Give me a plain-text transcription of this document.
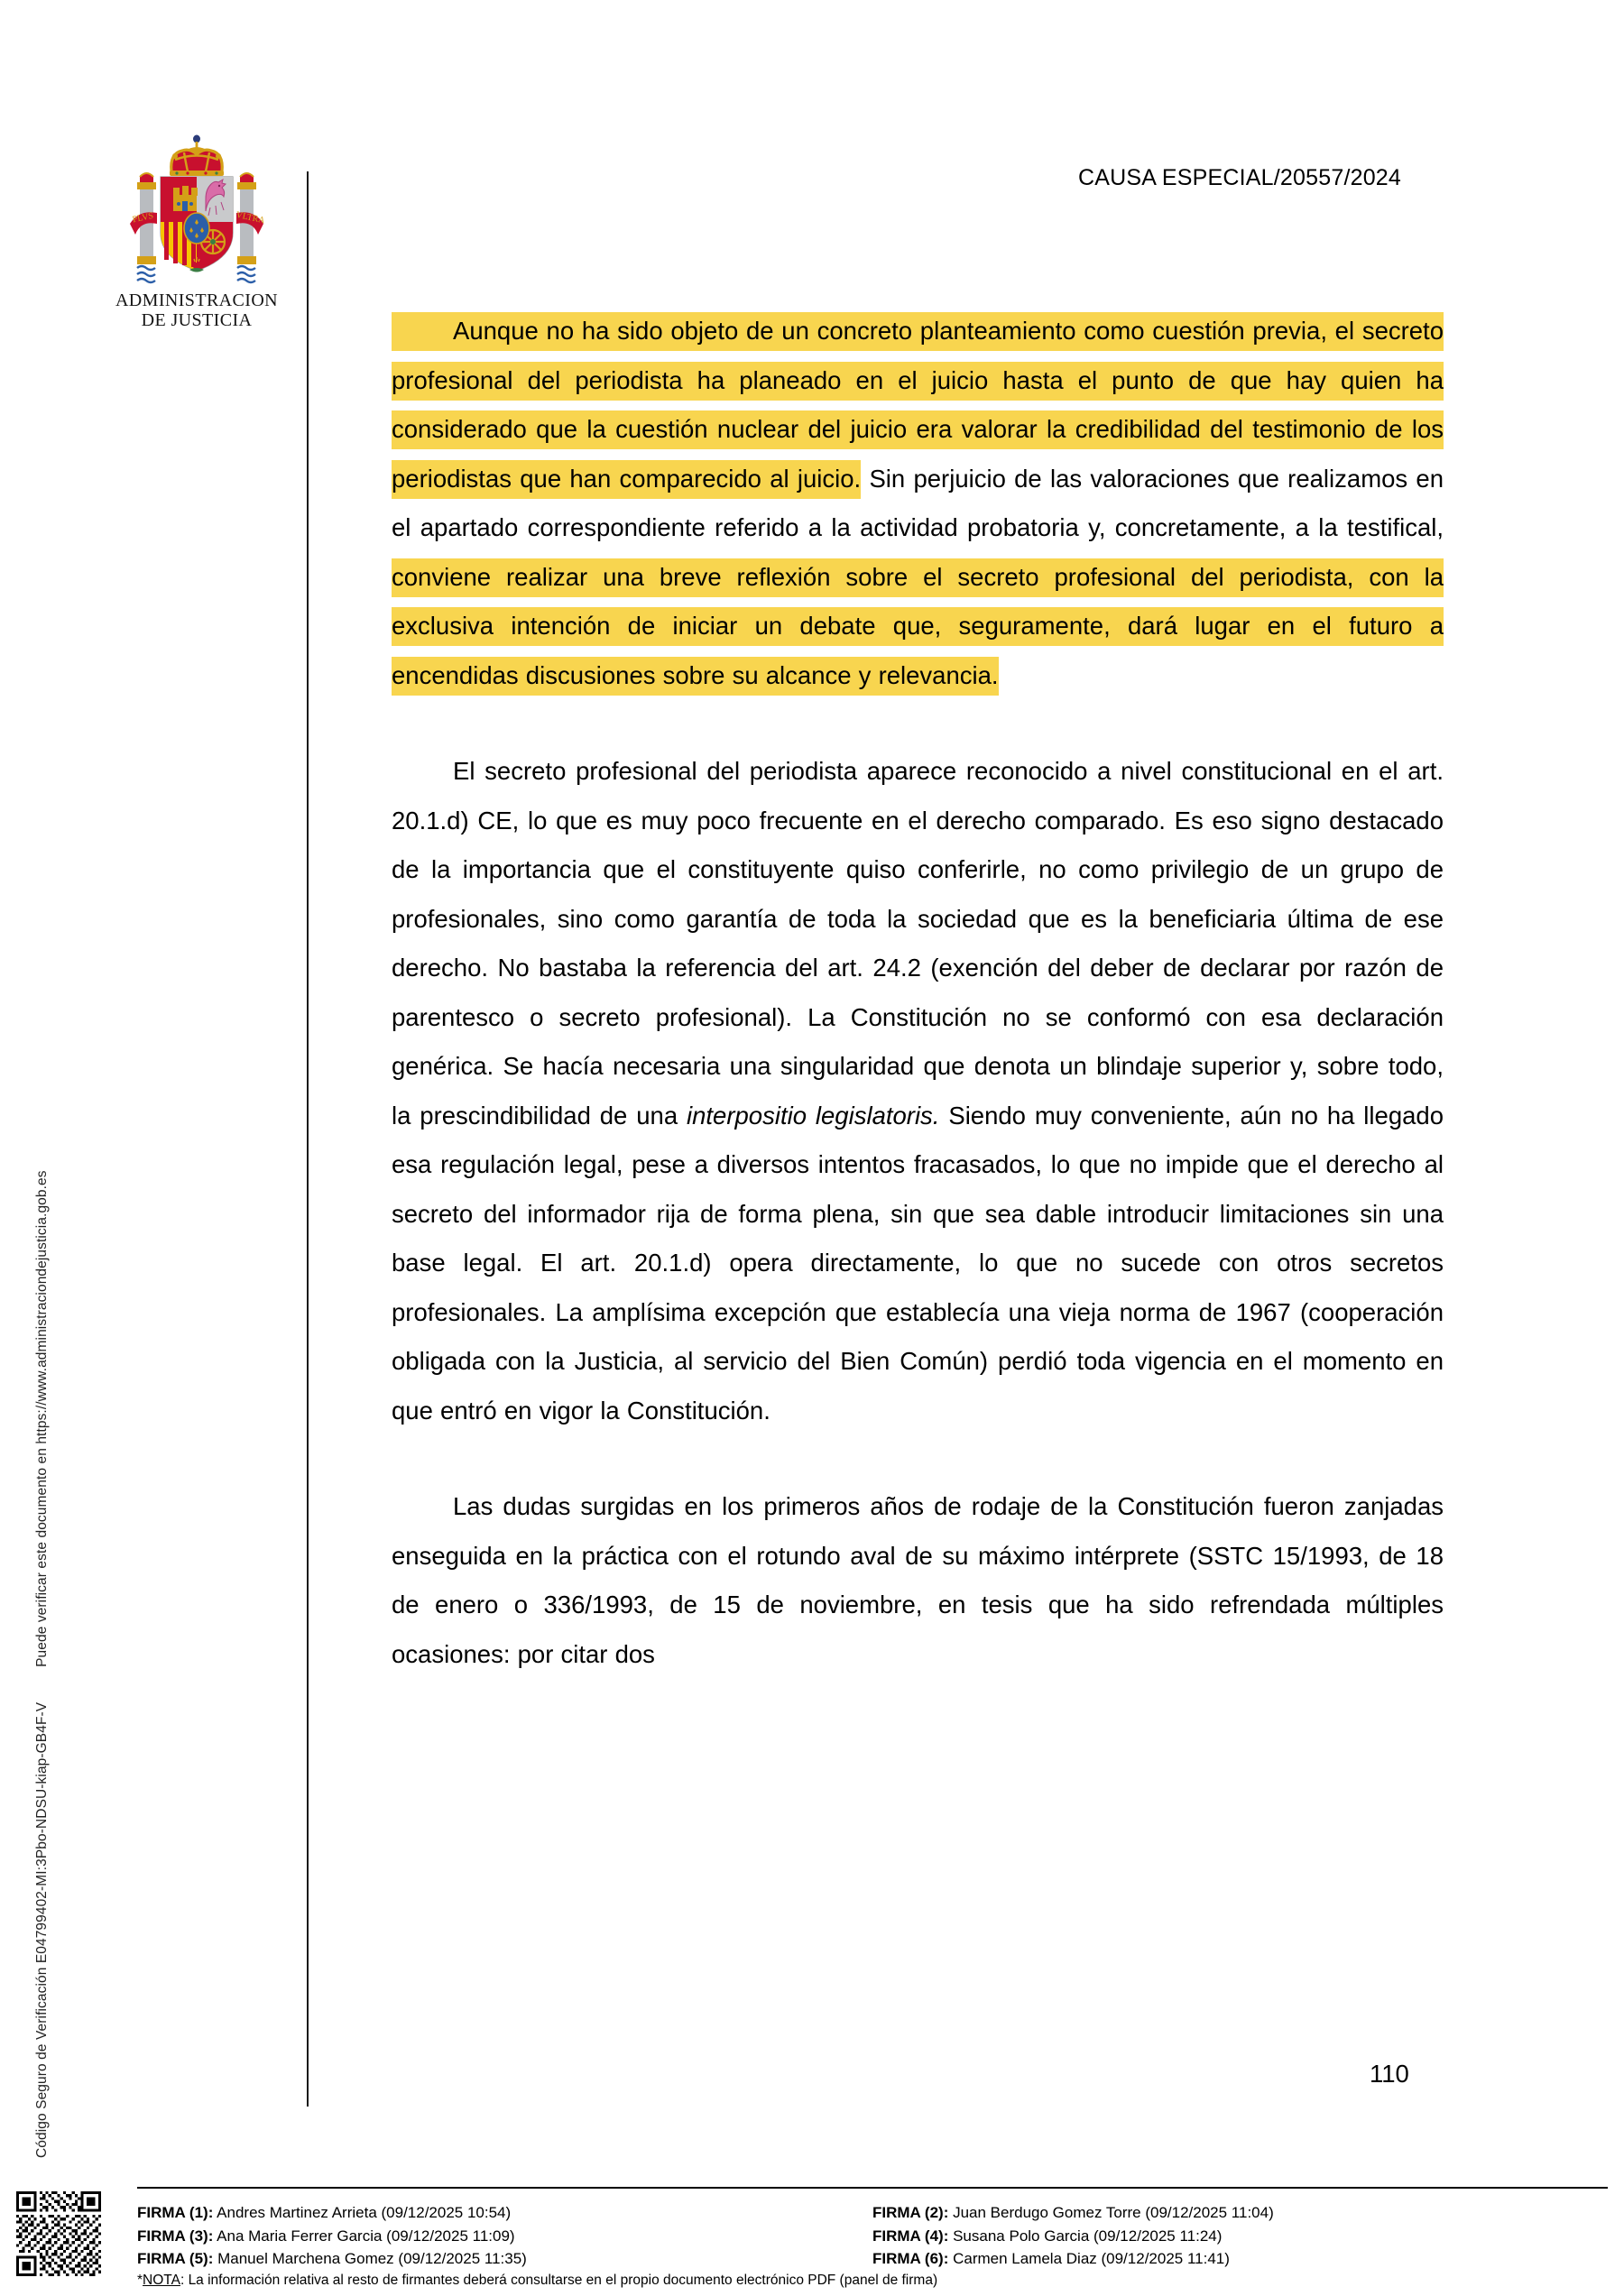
CAUSA ESPECIAL/20557/2024
PLVS	VLTRA
ADMINISTRACION
DE JUSTICIA
Código Seguro de Verificación E04799402-MI:3Pbo-NDSU-kiap-GB4F-V  Puede verificar este documento en https://www.administraciondejusticia.gob.es

Aunque no ha sido objeto de un concreto planteamiento como cuestión previa, el secreto profesional del periodista ha planeado en el juicio hasta el punto de que hay quien ha considerado que la cuestión nuclear del juicio era valorar la credibilidad del testimonio de los periodistas que han comparecido al juicio. Sin perjuicio de las valoraciones que realizamos en el apartado correspondiente referido a la actividad probatoria y, concretamente, a la testifical, conviene realizar una breve reflexión sobre el secreto profesional del periodista, con la exclusiva intención de iniciar un debate que, seguramente, dará lugar en el futuro a encendidas discusiones sobre su alcance y relevancia.

El secreto profesional del periodista aparece reconocido a nivel constitucional en el art. 20.1.d) CE, lo que es muy poco frecuente en el derecho comparado. Es eso signo destacado de la importancia que el constituyente quiso conferirle, no como privilegio de un grupo de profesionales, sino como garantía de toda la sociedad que es la beneficiaria última de ese derecho. No bastaba la referencia del art. 24.2 (exención del deber de declarar por razón de parentesco o secreto profesional). La Constitución no se conformó con esa declaración genérica. Se hacía necesaria una singularidad que denota un blindaje superior y, sobre todo, la prescindibilidad de una interpositio legislatoris. Siendo muy conveniente, aún no ha llegado esa regulación legal, pese a diversos intentos fracasados, lo que no impide que el derecho al secreto del informador rija de forma plena, sin que sea dable introducir limitaciones sin una base legal. El art. 20.1.d) opera directamente, lo que no sucede con otros secretos profesionales. La amplísima excepción que establecía una vieja norma de 1967 (cooperación obligada con la Justicia, al servicio del Bien Común) perdió toda vigencia en el momento en que entró en vigor la Constitución.

Las dudas surgidas en los primeros años de rodaje de la Constitución fueron zanjadas enseguida en la práctica con el rotundo aval de su máximo intérprete (SSTC 15/1993, de 18 de enero o 336/1993, de 15 de noviembre, en tesis que ha sido refrendada múltiples ocasiones: por citar dos

110
FIRMA (1): Andres Martinez Arrieta (09/12/2025 10:54)	FIRMA (2): Juan Berdugo Gomez Torre (09/12/2025 11:04)
FIRMA (3): Ana Maria Ferrer Garcia (09/12/2025 11:09)	FIRMA (4): Susana Polo Garcia (09/12/2025 11:24)
FIRMA (5): Manuel Marchena Gomez (09/12/2025 11:35)	FIRMA (6): Carmen Lamela Diaz (09/12/2025 11:41)
*NOTA: La información relativa al resto de firmantes deberá consultarse en el propio documento electrónico PDF (panel de firma)
